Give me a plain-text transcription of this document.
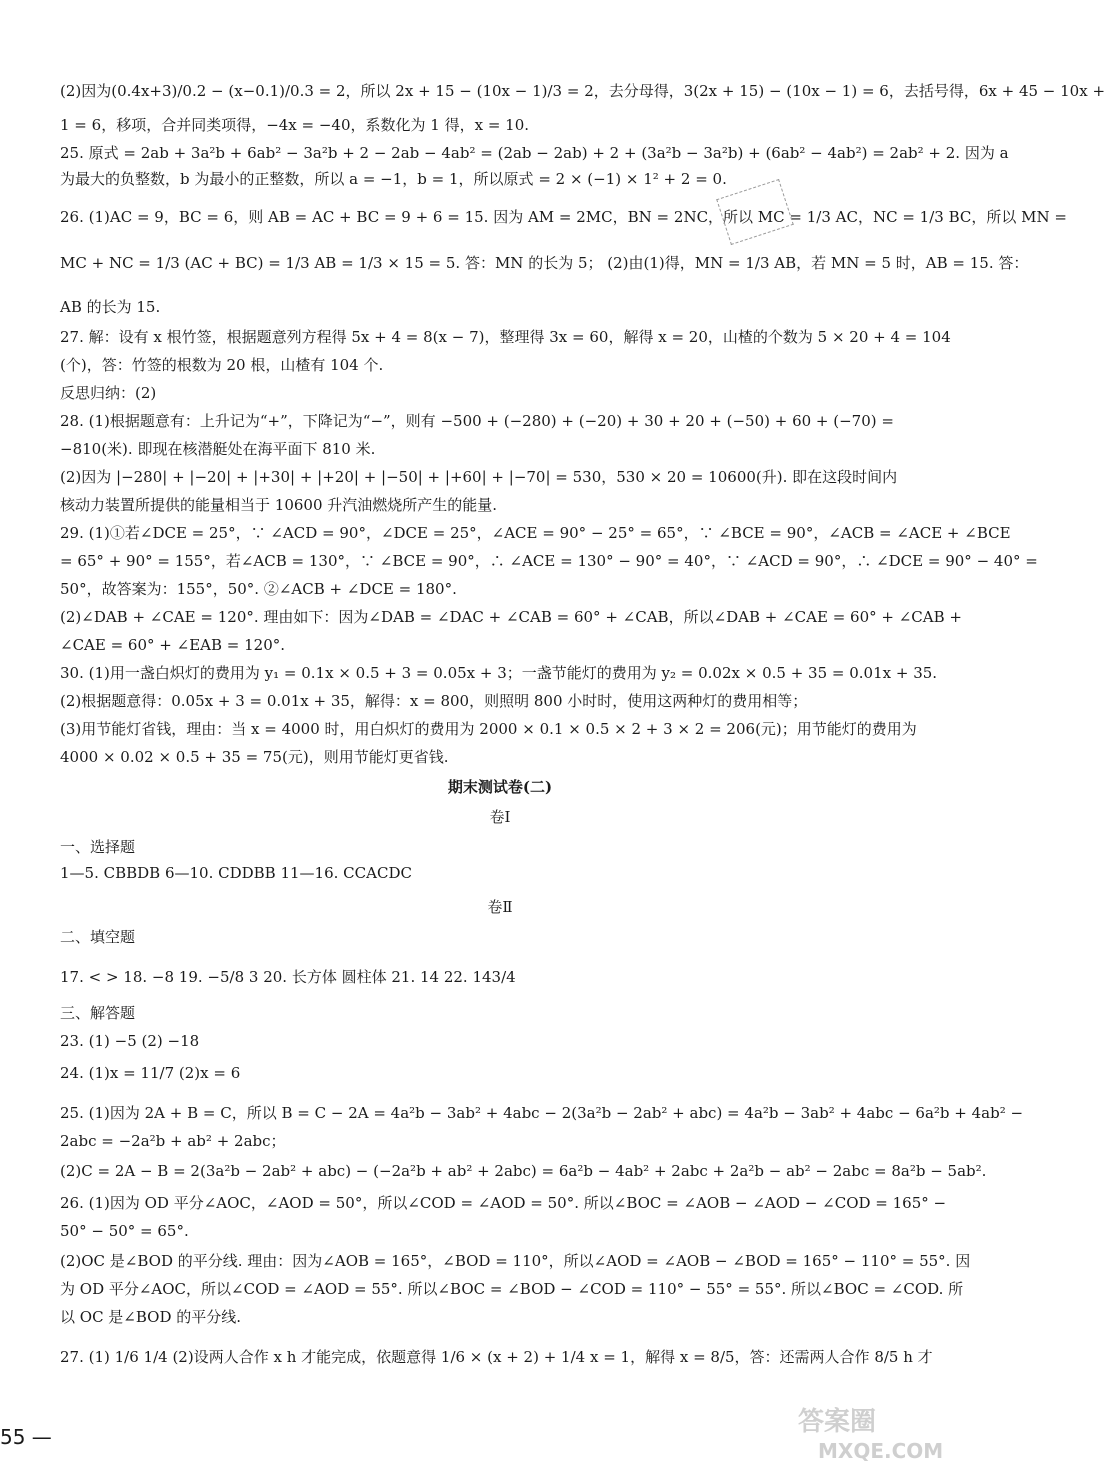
(2)因为(0.4x+3)/0.2 − (x−0.1)/0.3 = 2，所以 2x + 15 − (10x − 1)/3 = 2，去分母得，3(2x + 15) − (10x − 1) = 6，去括号得，6x + 45 − 10x +
1 = 6，移项，合并同类项得，−4x = −40，系数化为 1 得，x = 10.
25. 原式 = 2ab + 3a²b + 6ab² − 3a²b + 2 − 2ab − 4ab² = (2ab − 2ab) + 2 + (3a²b − 3a²b) + (6ab² − 4ab²) = 2ab² + 2. 因为 a
为最大的负整数，b 为最小的正整数，所以 a = −1，b = 1，所以原式 = 2 × (−1) × 1² + 2 = 0.
26. (1)AC = 9，BC = 6，则 AB = AC + BC = 9 + 6 = 15. 因为 AM = 2MC，BN = 2NC，所以 MC = 1/3 AC，NC = 1/3 BC，所以 MN =
MC + NC = 1/3 (AC + BC) = 1/3 AB = 1/3 × 15 = 5. 答：MN 的长为 5； (2)由(1)得，MN = 1/3 AB，若 MN = 5 时，AB = 15. 答：
AB 的长为 15.
27. 解：设有 x 根竹签，根据题意列方程得 5x + 4 = 8(x − 7)，整理得 3x = 60，解得 x = 20，山楂的个数为 5 × 20 + 4 = 104
(个)，答：竹签的根数为 20 根，山楂有 104 个.
反思归纳：(2)
28. (1)根据题意有：上升记为“+”，下降记为“−”，则有 −500 + (−280) + (−20) + 30 + 20 + (−50) + 60 + (−70) =
−810(米). 即现在核潜艇处在海平面下 810 米.
(2)因为 |−280| + |−20| + |+30| + |+20| + |−50| + |+60| + |−70| = 530，530 × 20 = 10600(升). 即在这段时间内
核动力装置所提供的能量相当于 10600 升汽油燃烧所产生的能量.
29. (1)①若∠DCE = 25°，∵ ∠ACD = 90°，∠DCE = 25°，∠ACE = 90° − 25° = 65°，∵ ∠BCE = 90°，∠ACB = ∠ACE + ∠BCE
= 65° + 90° = 155°，若∠ACB = 130°，∵ ∠BCE = 90°，∴ ∠ACE = 130° − 90° = 40°，∵ ∠ACD = 90°，∴ ∠DCE = 90° − 40° =
50°，故答案为：155°，50°. ②∠ACB + ∠DCE = 180°.
(2)∠DAB + ∠CAE = 120°. 理由如下：因为∠DAB = ∠DAC + ∠CAB = 60° + ∠CAB，所以∠DAB + ∠CAE = 60° + ∠CAB +
∠CAE = 60° + ∠EAB = 120°.
30. (1)用一盏白炽灯的费用为 y₁ = 0.1x × 0.5 + 3 = 0.05x + 3；一盏节能灯的费用为 y₂ = 0.02x × 0.5 + 35 = 0.01x + 35.
(2)根据题意得：0.05x + 3 = 0.01x + 35，解得：x = 800，则照明 800 小时时，使用这两种灯的费用相等；
(3)用节能灯省钱，理由：当 x = 4000 时，用白炽灯的费用为 2000 × 0.1 × 0.5 × 2 + 3 × 2 = 206(元)；用节能灯的费用为
4000 × 0.02 × 0.5 + 35 = 75(元)，则用节能灯更省钱.
期末测试卷(二)
卷Ⅰ
一、选择题
1—5. CBBDB 6—10. CDDBB 11—16. CCACDC
卷Ⅱ
二、填空题
17. < > 18. −8 19. −5/8 3 20. 长方体 圆柱体 21. 14 22. 143/4
三、解答题
23. (1) −5 (2) −18
24. (1)x = 11/7 (2)x = 6
25. (1)因为 2A + B = C，所以 B = C − 2A = 4a²b − 3ab² + 4abc − 2(3a²b − 2ab² + abc) = 4a²b − 3ab² + 4abc − 6a²b + 4ab² −
2abc = −2a²b + ab² + 2abc；
(2)C = 2A − B = 2(3a²b − 2ab² + abc) − (−2a²b + ab² + 2abc) = 6a²b − 4ab² + 2abc + 2a²b − ab² − 2abc = 8a²b − 5ab².
26. (1)因为 OD 平分∠AOC，∠AOD = 50°，所以∠COD = ∠AOD = 50°. 所以∠BOC = ∠AOB − ∠AOD − ∠COD = 165° −
50° − 50° = 65°.
(2)OC 是∠BOD 的平分线. 理由：因为∠AOB = 165°，∠BOD = 110°，所以∠AOD = ∠AOB − ∠BOD = 165° − 110° = 55°. 因
为 OD 平分∠AOC，所以∠COD = ∠AOD = 55°. 所以∠BOC = ∠BOD − ∠COD = 110° − 55° = 55°. 所以∠BOC = ∠COD. 所
以 OC 是∠BOD 的平分线.
27. (1) 1/6 1/4 (2)设两人合作 x h 才能完成，依题意得 1/6 × (x + 2) + 1/4 x = 1，解得 x = 8/5，答：还需两人合作 8/5 h 才
55 —	答案圈
MXQE.COM
